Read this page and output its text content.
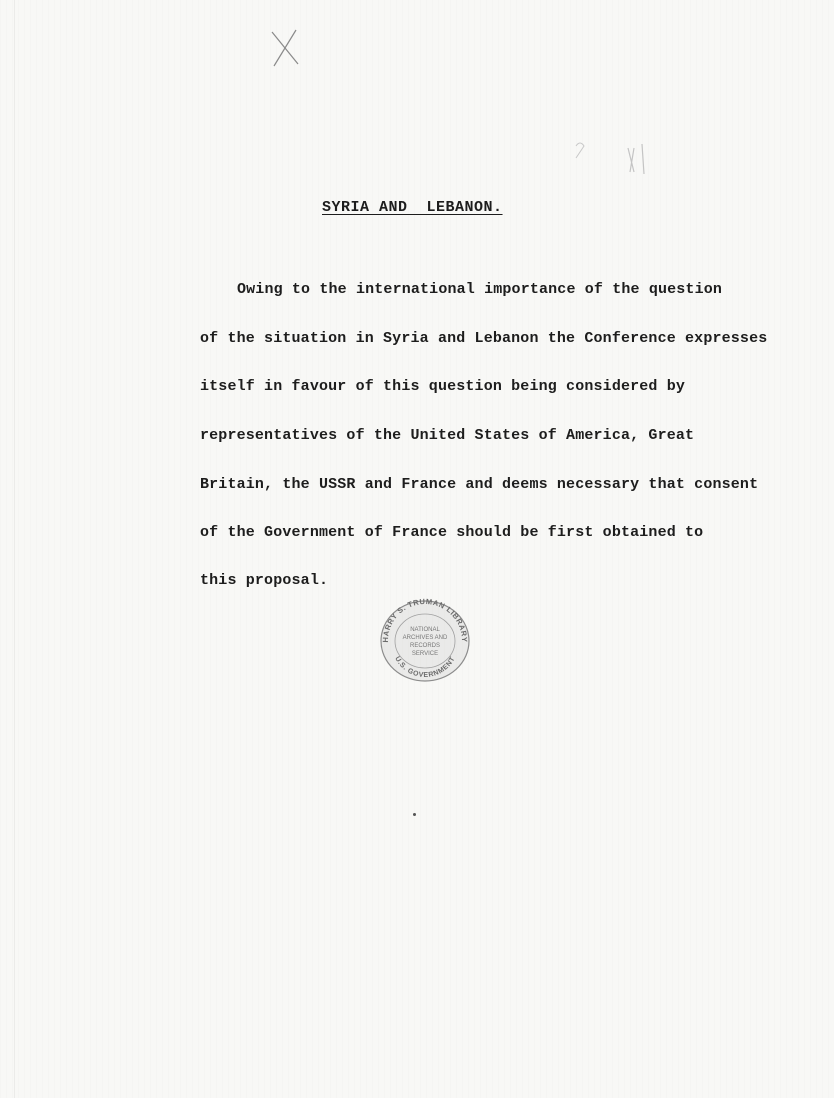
SYRIA AND  LEBANON.
Owing to the international importance of the question
of the situation in Syria and Lebanon the Conference expresses
itself in favour of this question being considered by
representatives of the United States of America, Great
Britain, the USSR and France and deems necessary that consent
of the Government of France should be first obtained to
this proposal.
HARRY S. TRUMAN LIBRARY
U.S. GOVERNMENT
NATIONAL
ARCHIVES AND
RECORDS
SERVICE
